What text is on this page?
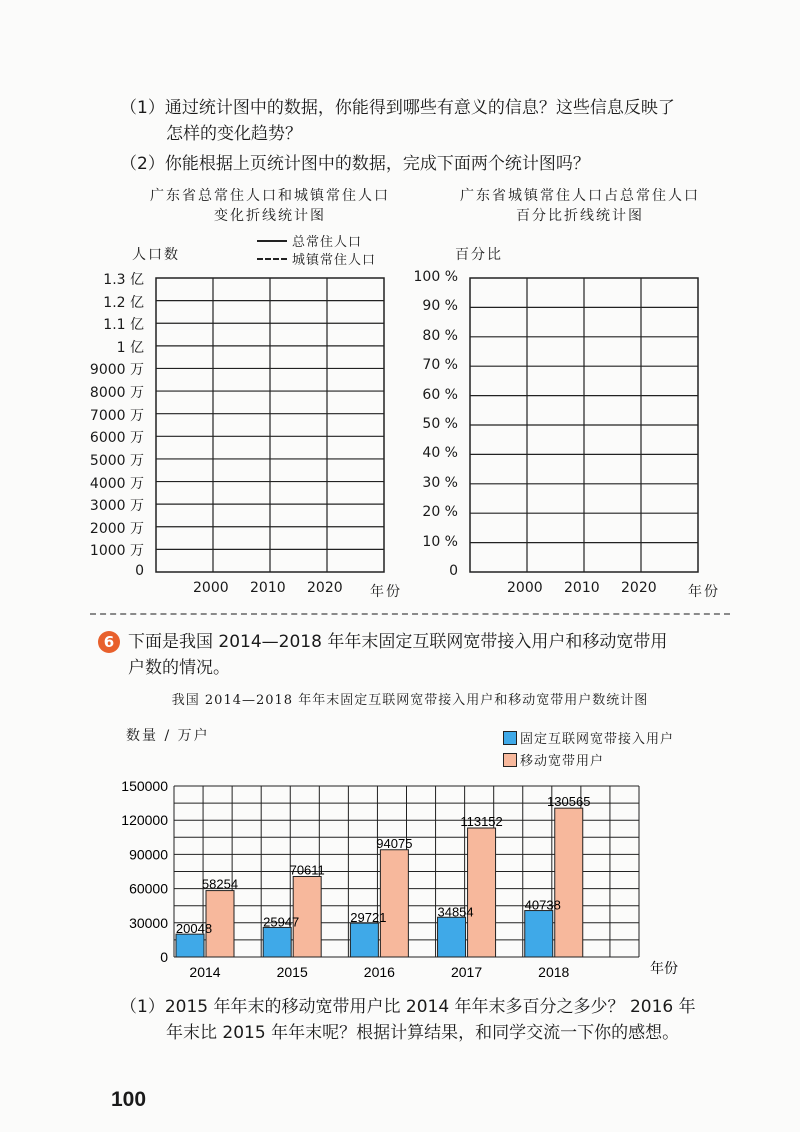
（1）通过统计图中的数据，你能得到哪些有意义的信息？这些信息反映了
怎样的变化趋势？
（2）你能根据上页统计图中的数据，完成下面两个统计图吗？
广东省总常住人口和城镇常住人口
变化折线统计图
人口数
总常住人口
城镇常住人口
1.3 亿
1.2 亿
1.1 亿
1 亿
9000 万
8000 万
7000 万
6000 万
5000 万
4000 万
3000 万
2000 万
1000 万
0
2000 2010 2020 年份
广东省城镇常住人口占总常住人口
百分比折线统计图
百分比
100 %
90 %
80 %
70 %
60 %
50 %
40 %
30 %
20 %
10 %
0
2000 2010 2020 年份
6 下面是我国 2014—2018 年年末固定互联网宽带接入用户和移动宽带用
户数的情况。
我国 2014—2018 年年末固定互联网宽带接入用户和移动宽带用户数统计图
数量 / 万户	固定互联网宽带接入用户
移动宽带用户
20048
58254
25947
70611
29721
94075
34854
113152
40738
130565
0
30000
60000
90000
120000
150000
2014	2015	2016	2017	2018	年份
（1）2015 年年末的移动宽带用户比 2014 年年末多百分之多少？ 2016 年
年末比 2015 年年末呢？根据计算结果，和同学交流一下你的感想。
100
